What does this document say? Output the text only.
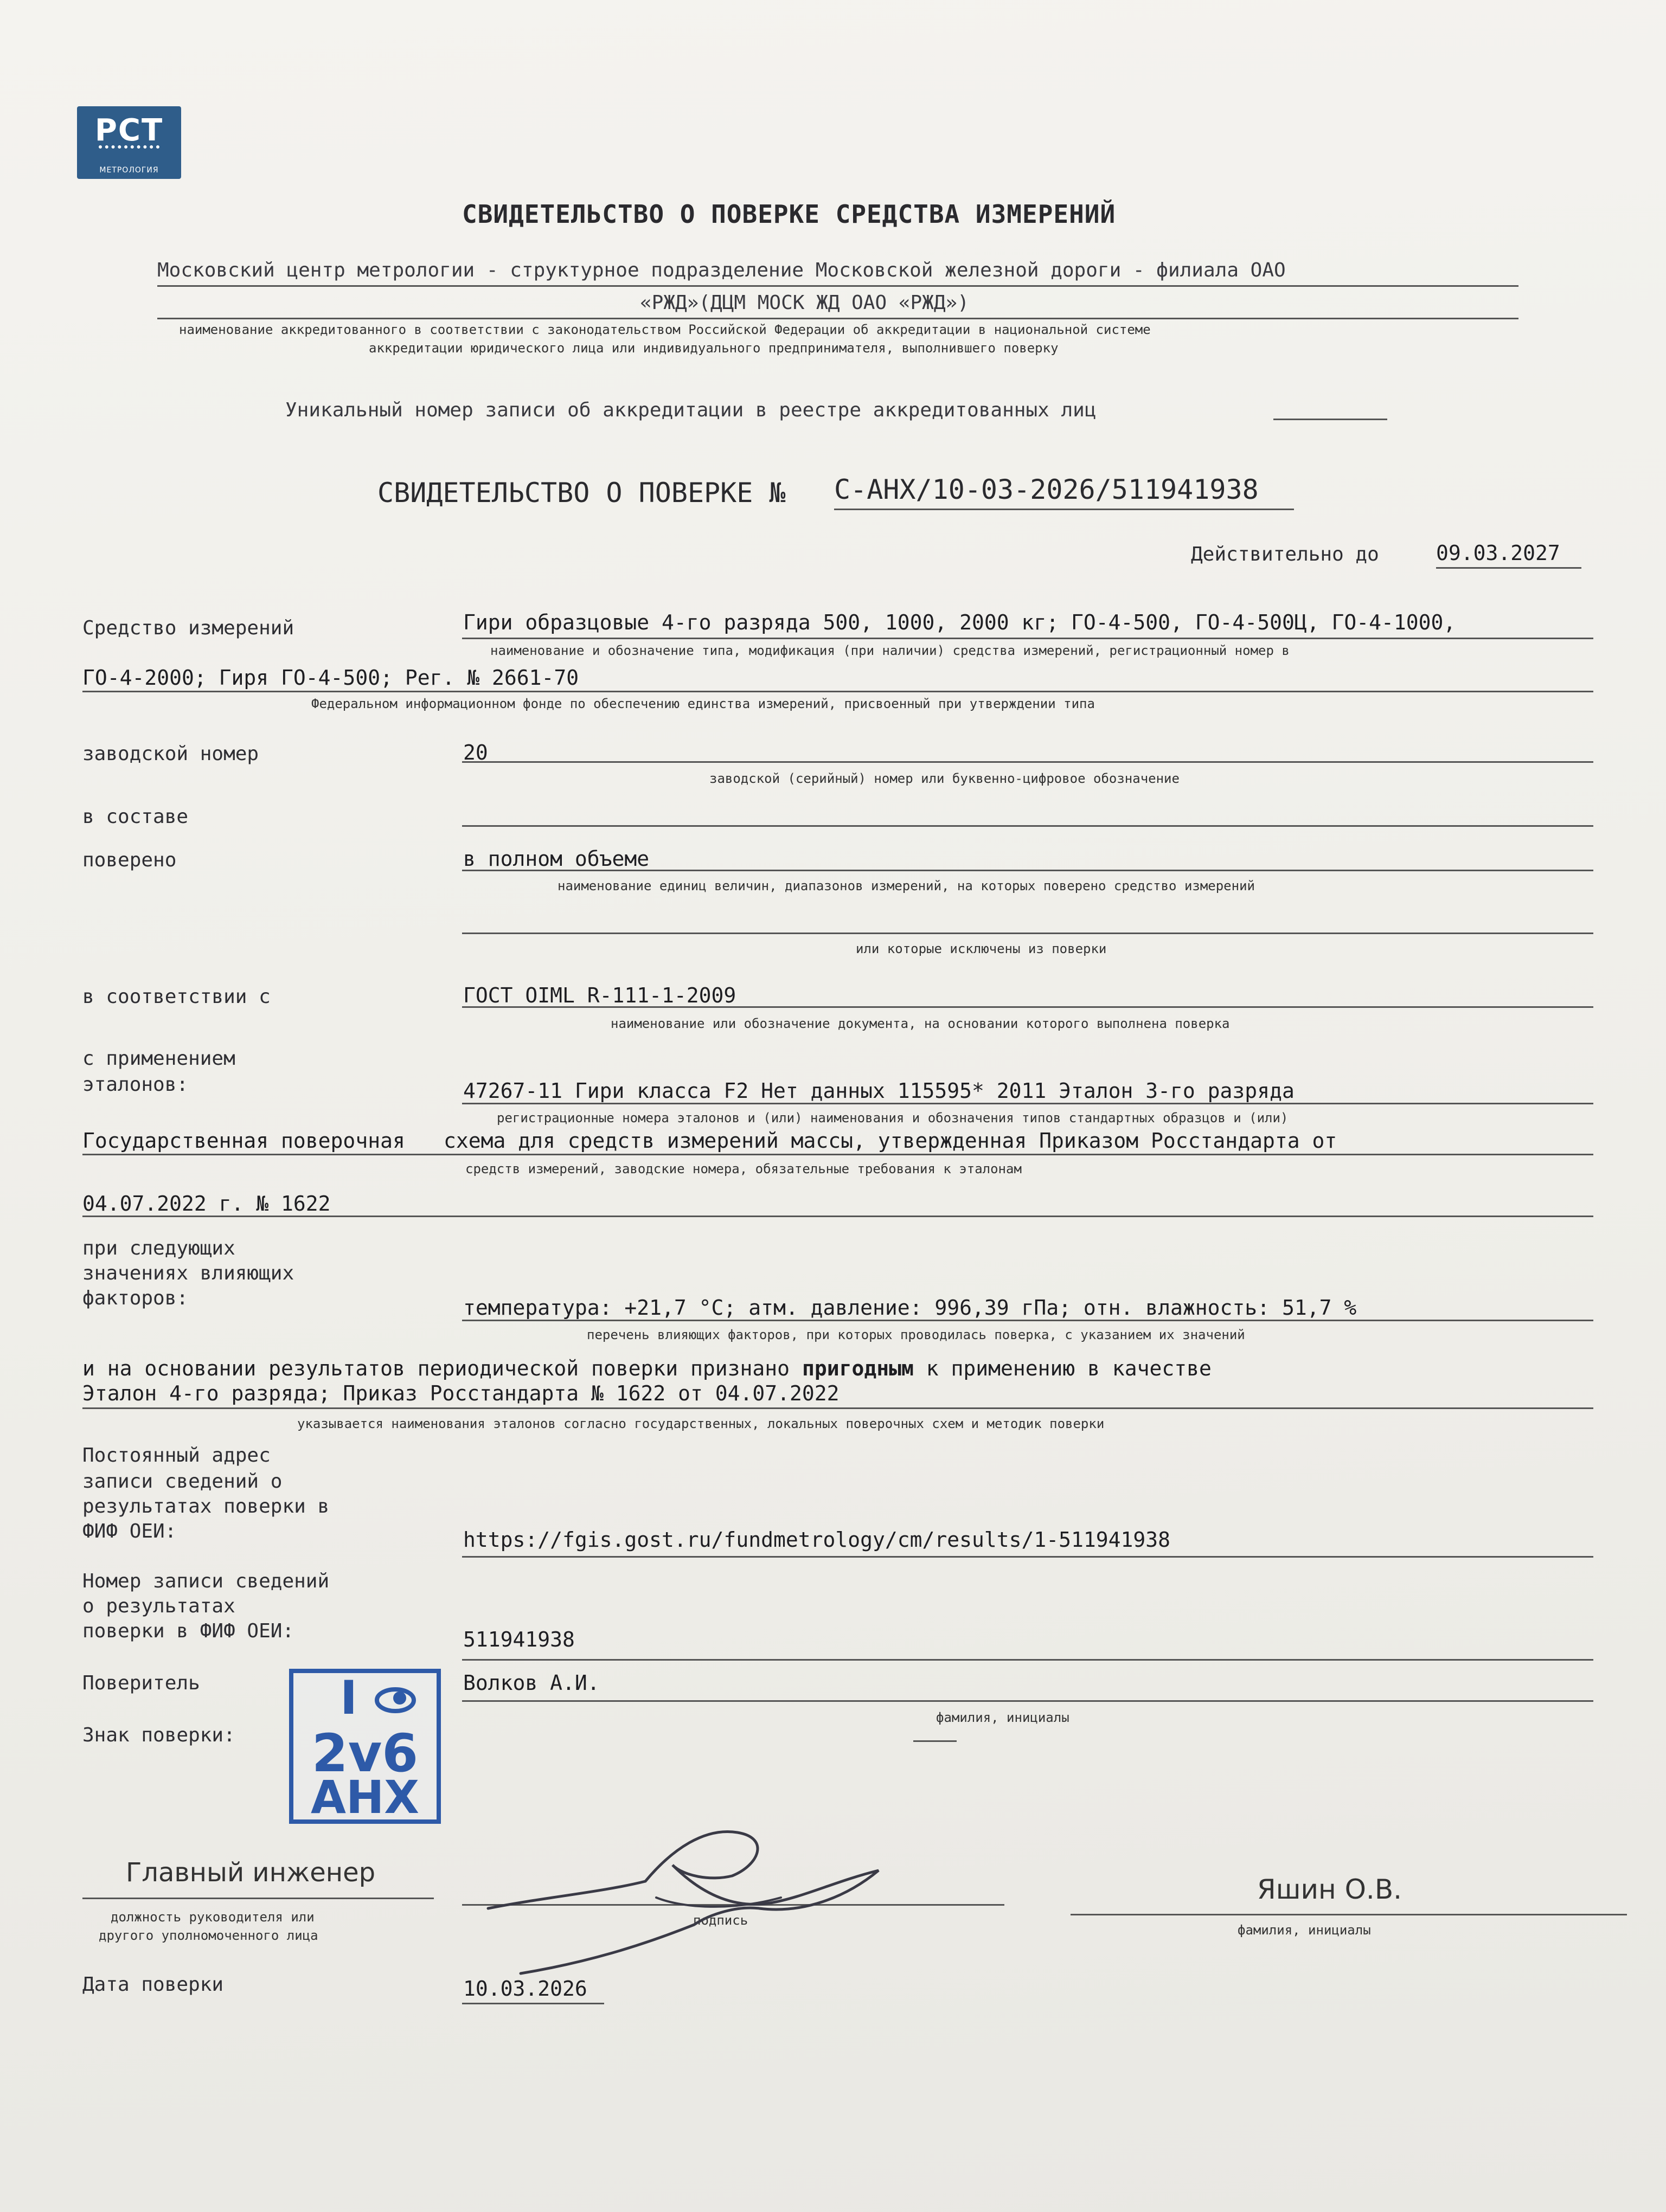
РСТ
МЕТРОЛОГИЯ
СВИДЕТЕЛЬСТВО О ПОВЕРКЕ СРЕДСТВА ИЗМЕРЕНИЙ
Московский центр метрологии - структурное подразделение Московской железной дороги - филиала ОАО
«РЖД»(ДЦМ МОСК ЖД ОАО «РЖД»)
наименование аккредитованного в соответствии с законодательством Российской Федерации об аккредитации в национальной системе
аккредитации юридического лица или индивидуального предпринимателя, выполнившего поверку
Уникальный номер записи об аккредитации в реестре аккредитованных лиц
СВИДЕТЕЛЬСТВО О ПОВЕРКЕ № С-АНХ/10-03-2026/511941938
Действительно до	09.03.2027
Средство измерений	Гири образцовые 4-го разряда 500, 1000, 2000 кг; ГО-4-500, ГО-4-500Ц, ГО-4-1000,
наименование и обозначение типа, модификация (при наличии) средства измерений, регистрационный номер в
ГО-4-2000; Гиря ГО-4-500; Рег. № 2661-70
Федеральном информационном фонде по обеспечению единства измерений, присвоенный при утверждении типа
заводской номер	20
заводской (серийный) номер или буквенно-цифровое обозначение
в составе
поверено	в полном объеме
наименование единиц величин, диапазонов измерений, на которых поверено средство измерений
или которые исключены из поверки
в соответствии с	ГОСТ OIML R-111-1-2009
наименование или обозначение документа, на основании которого выполнена поверка
с применением
эталонов:	47267-11 Гири класса F2 Нет данных 115595* 2011 Эталон 3-го разряда
регистрационные номера эталонов и (или) наименования и обозначения типов стандартных образцов и (или)
Государственная поверочная схема для средств измерений массы, утвержденная Приказом Росстандарта от
средств измерений, заводские номера, обязательные требования к эталонам
04.07.2022 г. № 1622
при следующих
значениях влияющих
факторов:	температура: +21,7 °С; атм. давление: 996,39 гПа; отн. влажность: 51,7 %
перечень влияющих факторов, при которых проводилась поверка, с указанием их значений
и на основании результатов периодической поверки признано пригодным к применению в качестве
Эталон 4-го разряда; Приказ Росстандарта № 1622 от 04.07.2022
указывается наименования эталонов согласно государственных, локальных поверочных схем и методик поверки
Постоянный адрес
записи сведений о
результатах поверки в
ФИФ ОЕИ:	https://fgis.gost.ru/fundmetrology/cm/results/1-511941938
Номер записи сведений
о результатах
поверки в ФИФ ОЕИ:	511941938
Поверитель	Волков А.И.
фамилия, инициалы
Знак поверки:
I
2v6
АНХ
Главный инженер
должность руководителя или
другого уполномоченного лица
подпись
Яшин О.В.
фамилия, инициалы
Дата поверки	10.03.2026
